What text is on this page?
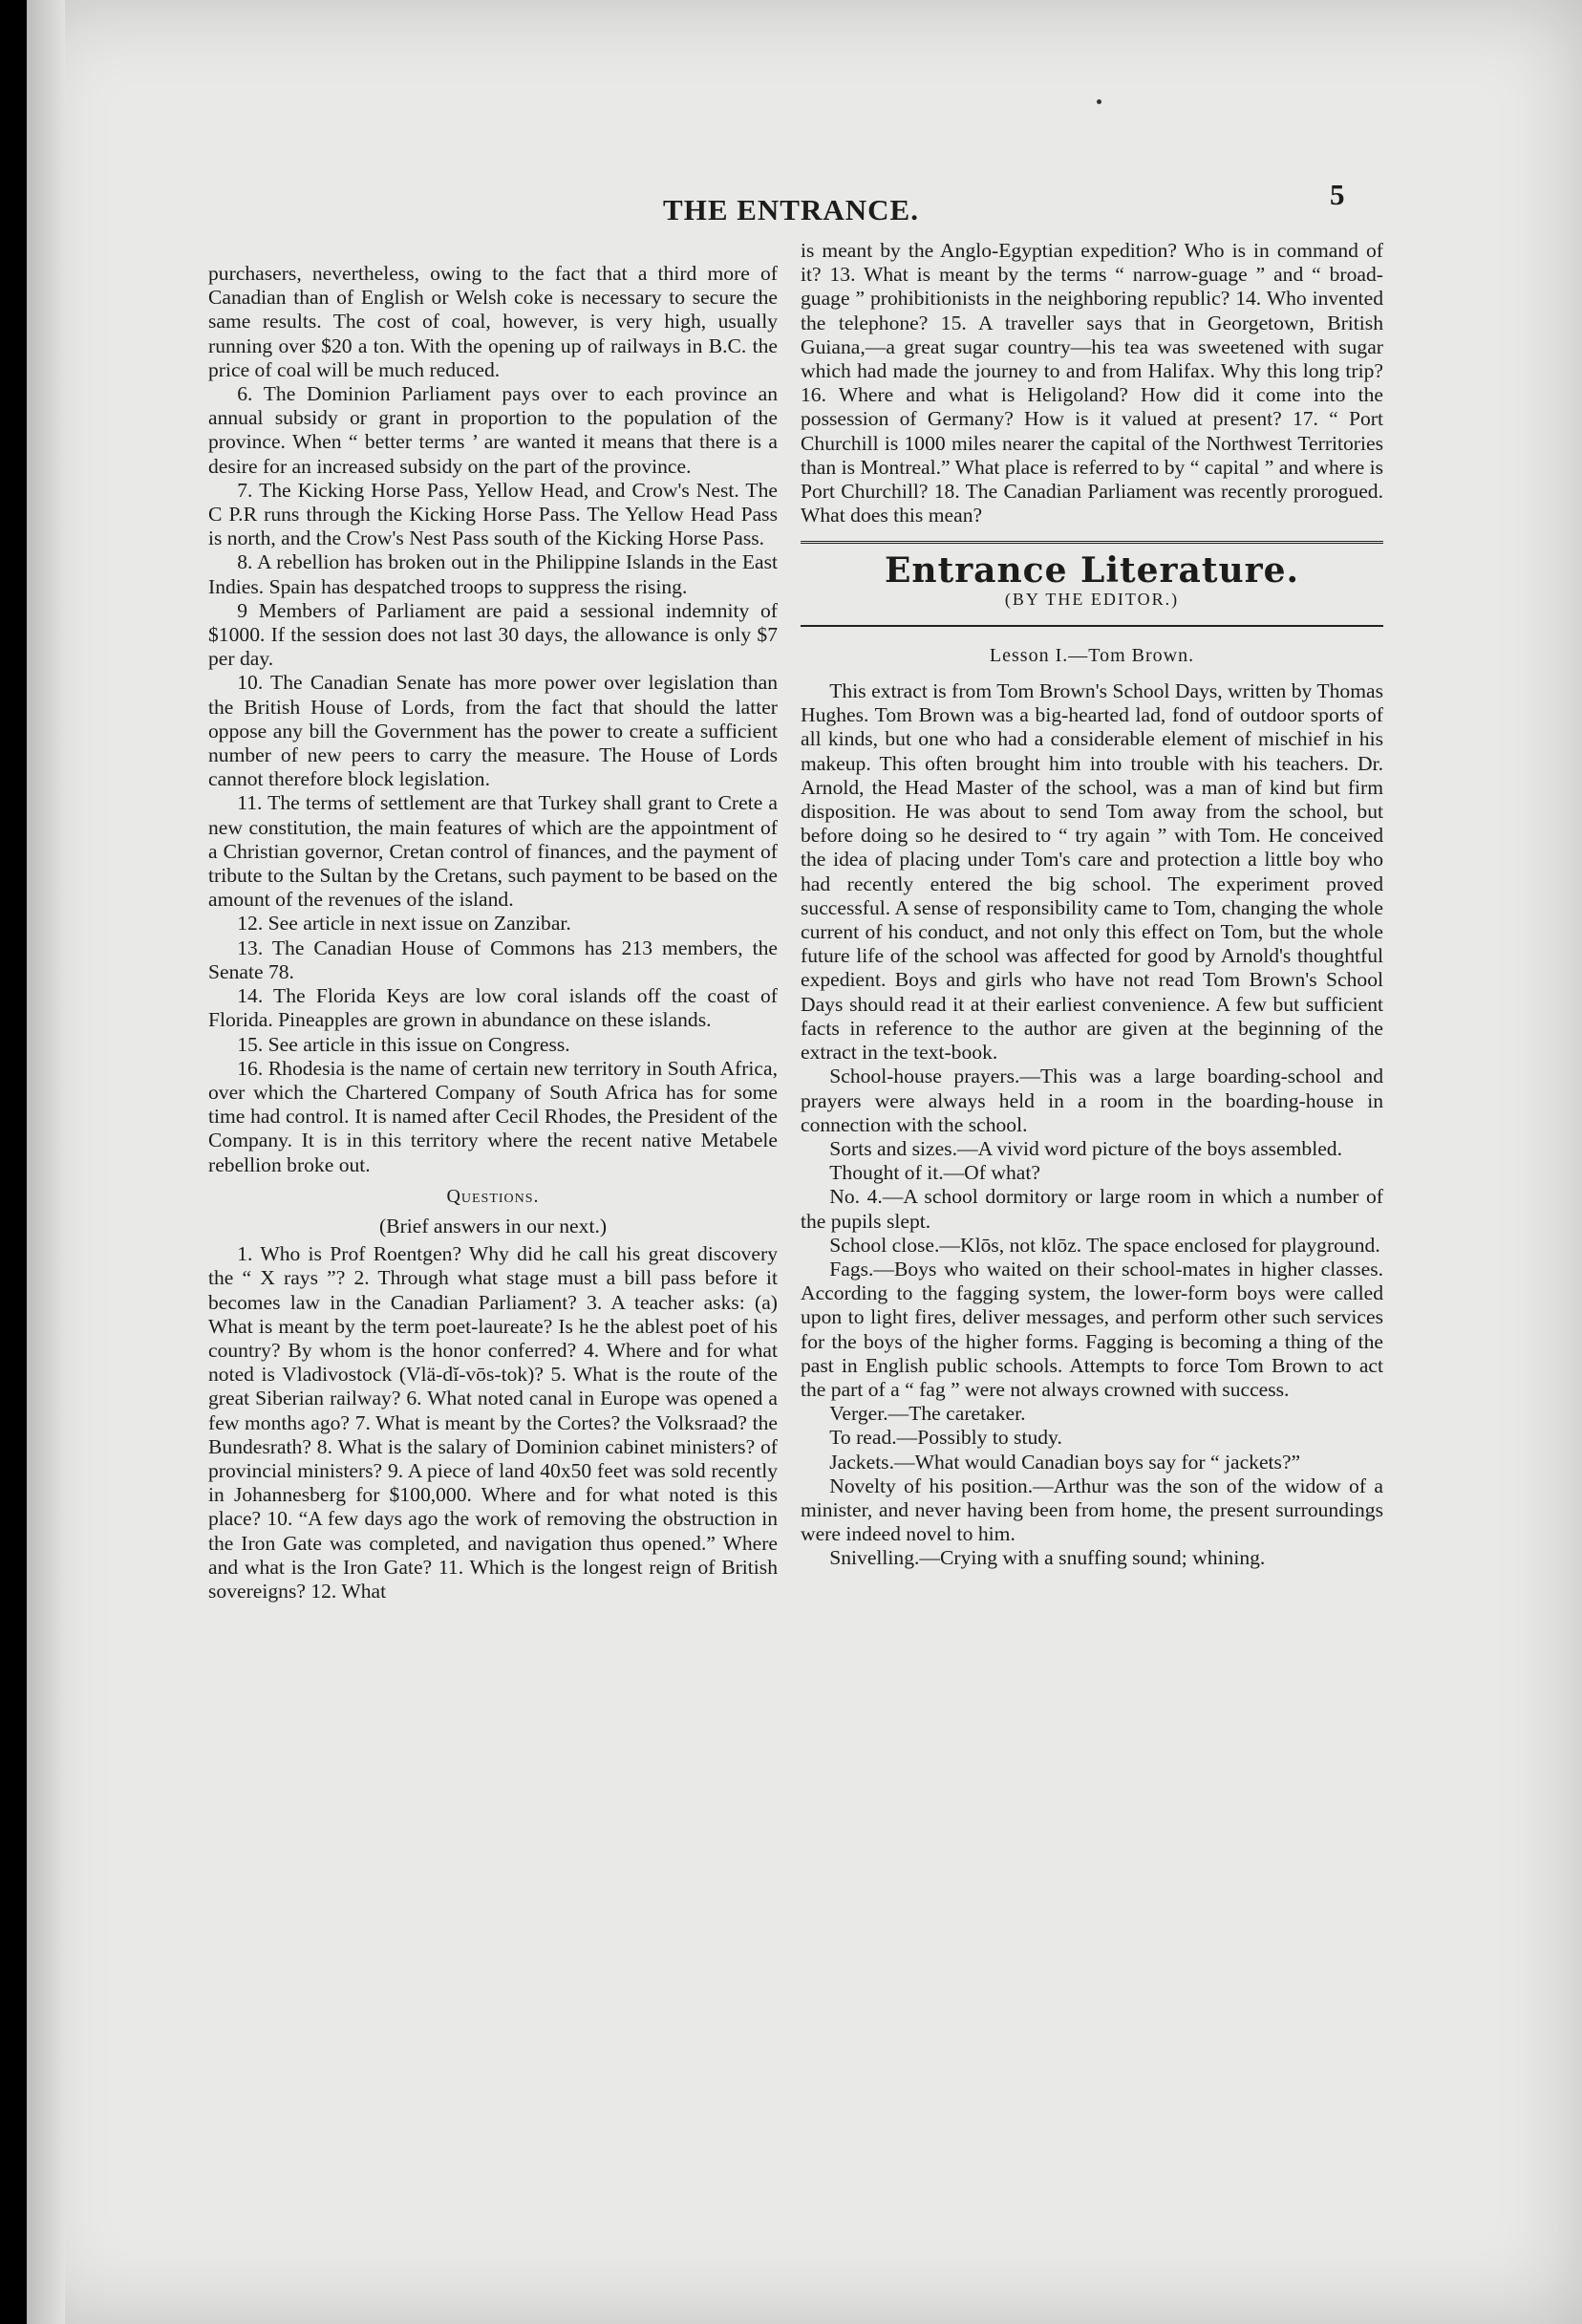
THE ENTRANCE.	5

purchasers, nevertheless, owing to the fact that a third more of Canadian than of English or Welsh coke is necessary to secure the same results. The cost of coal, however, is very high, usually running over $20 a ton. With the opening up of railways in B.C. the price of coal will be much reduced.

6. The Dominion Parliament pays over to each province an annual subsidy or grant in proportion to the population of the province. When “ better terms ’ are wanted it means that there is a desire for an increased subsidy on the part of the province.

7. The Kicking Horse Pass, Yellow Head, and Crow's Nest. The C P.R runs through the Kicking Horse Pass. The Yellow Head Pass is north, and the Crow's Nest Pass south of the Kicking Horse Pass.

8. A rebellion has broken out in the Philippine Islands in the East Indies. Spain has despatched troops to suppress the rising.

9 Members of Parliament are paid a sessional indemnity of $1000. If the session does not last 30 days, the allowance is only $7 per day.

10. The Canadian Senate has more power over legislation than the British House of Lords, from the fact that should the latter oppose any bill the Government has the power to create a sufficient number of new peers to carry the measure. The House of Lords cannot therefore block legislation.

11. The terms of settlement are that Turkey shall grant to Crete a new constitution, the main features of which are the appointment of a Christian governor, Cretan control of finances, and the payment of tribute to the Sultan by the Cretans, such payment to be based on the amount of the revenues of the island.

12. See article in next issue on Zanzibar.

13. The Canadian House of Commons has 213 members, the Senate 78.

14. The Florida Keys are low coral islands off the coast of Florida. Pineapples are grown in abundance on these islands.

15. See article in this issue on Congress.

16. Rhodesia is the name of certain new territory in South Africa, over which the Chartered Company of South Africa has for some time had control. It is named after Cecil Rhodes, the President of the Company. It is in this territory where the recent native Metabele rebellion broke out.

Questions.
(Brief answers in our next.)

1. Who is Prof Roentgen? Why did he call his great discovery the “ X rays ”? 2. Through what stage must a bill pass before it becomes law in the Canadian Parliament? 3. A teacher asks: (a) What is meant by the term poet-laureate? Is he the ablest poet of his country? By whom is the honor conferred? 4. Where and for what noted is Vladivostock (Vlä-dĭ-vōs-tok)? 5. What is the route of the great Siberian railway? 6. What noted canal in Europe was opened a few months ago? 7. What is meant by the Cortes? the Volksraad? the Bundesrath? 8. What is the salary of Dominion cabinet ministers? of provincial ministers? 9. A piece of land 40x50 feet was sold recently in Johannesberg for $100,000. Where and for what noted is this place? 10. “A few days ago the work of removing the obstruction in the Iron Gate was completed, and navigation thus opened.” Where and what is the Iron Gate? 11. Which is the longest reign of British sovereigns? 12. What

is meant by the Anglo-Egyptian expedition? Who is in command of it? 13. What is meant by the terms “ narrow-guage ” and “ broad-guage ” prohibitionists in the neighboring republic? 14. Who invented the telephone? 15. A traveller says that in Georgetown, British Guiana,—a great sugar country—his tea was sweetened with sugar which had made the journey to and from Halifax. Why this long trip? 16. Where and what is Heligoland? How did it come into the possession of Germany? How is it valued at present? 17. “ Port Churchill is 1000 miles nearer the capital of the Northwest Territories than is Montreal.” What place is referred to by “ capital ” and where is Port Churchill? 18. The Canadian Parliament was recently prorogued. What does this mean?

Entrance Literature.
(BY THE EDITOR.)
Lesson I.—Tom Brown.

This extract is from Tom Brown's School Days, written by Thomas Hughes. Tom Brown was a big-hearted lad, fond of outdoor sports of all kinds, but one who had a considerable element of mischief in his makeup. This often brought him into trouble with his teachers. Dr. Arnold, the Head Master of the school, was a man of kind but firm disposition. He was about to send Tom away from the school, but before doing so he desired to “ try again ” with Tom. He conceived the idea of placing under Tom's care and protection a little boy who had recently entered the big school. The experiment proved successful. A sense of responsibility came to Tom, changing the whole current of his conduct, and not only this effect on Tom, but the whole future life of the school was affected for good by Arnold's thoughtful expedient. Boys and girls who have not read Tom Brown's School Days should read it at their earliest convenience. A few but sufficient facts in reference to the author are given at the beginning of the extract in the text-book.

School-house prayers.—This was a large boarding-school and prayers were always held in a room in the boarding-house in connection with the school.

Sorts and sizes.—A vivid word picture of the boys assembled.

Thought of it.—Of what?

No. 4.—A school dormitory or large room in which a number of the pupils slept.

School close.—Klōs, not klōz. The space enclosed for playground.

Fags.—Boys who waited on their school-mates in higher classes. According to the fagging system, the lower-form boys were called upon to light fires, deliver messages, and perform other such services for the boys of the higher forms. Fagging is becoming a thing of the past in English public schools. Attempts to force Tom Brown to act the part of a “ fag ” were not always crowned with success.

Verger.—The caretaker.

To read.—Possibly to study.

Jackets.—What would Canadian boys say for “ jackets?”

Novelty of his position.—Arthur was the son of the widow of a minister, and never having been from home, the present surroundings were indeed novel to him.

Snivelling.—Crying with a snuffing sound; whining.
